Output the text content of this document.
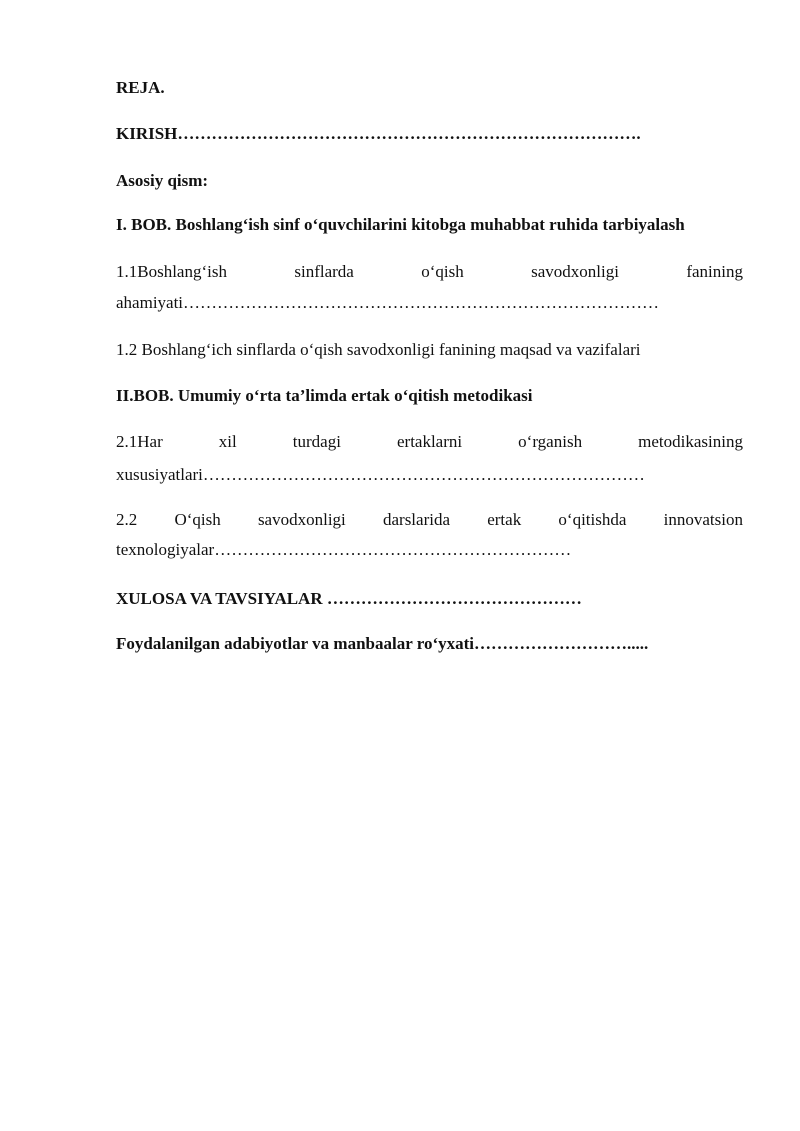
REJA.
KIRISH……………………………………………………………………….
Asosiy qism:
I. BOB. Boshlang‘ish sinf o‘quvchilarini kitobga muhabbat ruhida tarbiyalash
1.1Boshlang‘ish	sinflarda	o‘qish	savodxonligi	fanining
ahamiyati…………………………………………………………………………
1.2 Boshlang‘ich sinflarda o‘qish savodxonligi fanining maqsad va vazifalari
II.BOB. Umumiy o‘rta ta’limda ertak o‘qitish metodikasi
2.1Har	xil	turdagi	ertaklarni	o‘rganish	metodikasining
xususiyatlari……………………………………………………………………
2.2 O‘qish savodxonligi darslarida ertak o‘qitishda innovatsion
texnologiyalar………………………………………………………
XULOSA VA TAVSIYALAR ………………………………………
Foydalanilgan adabiyotlar va manbaalar ro‘yxati……………………….....
